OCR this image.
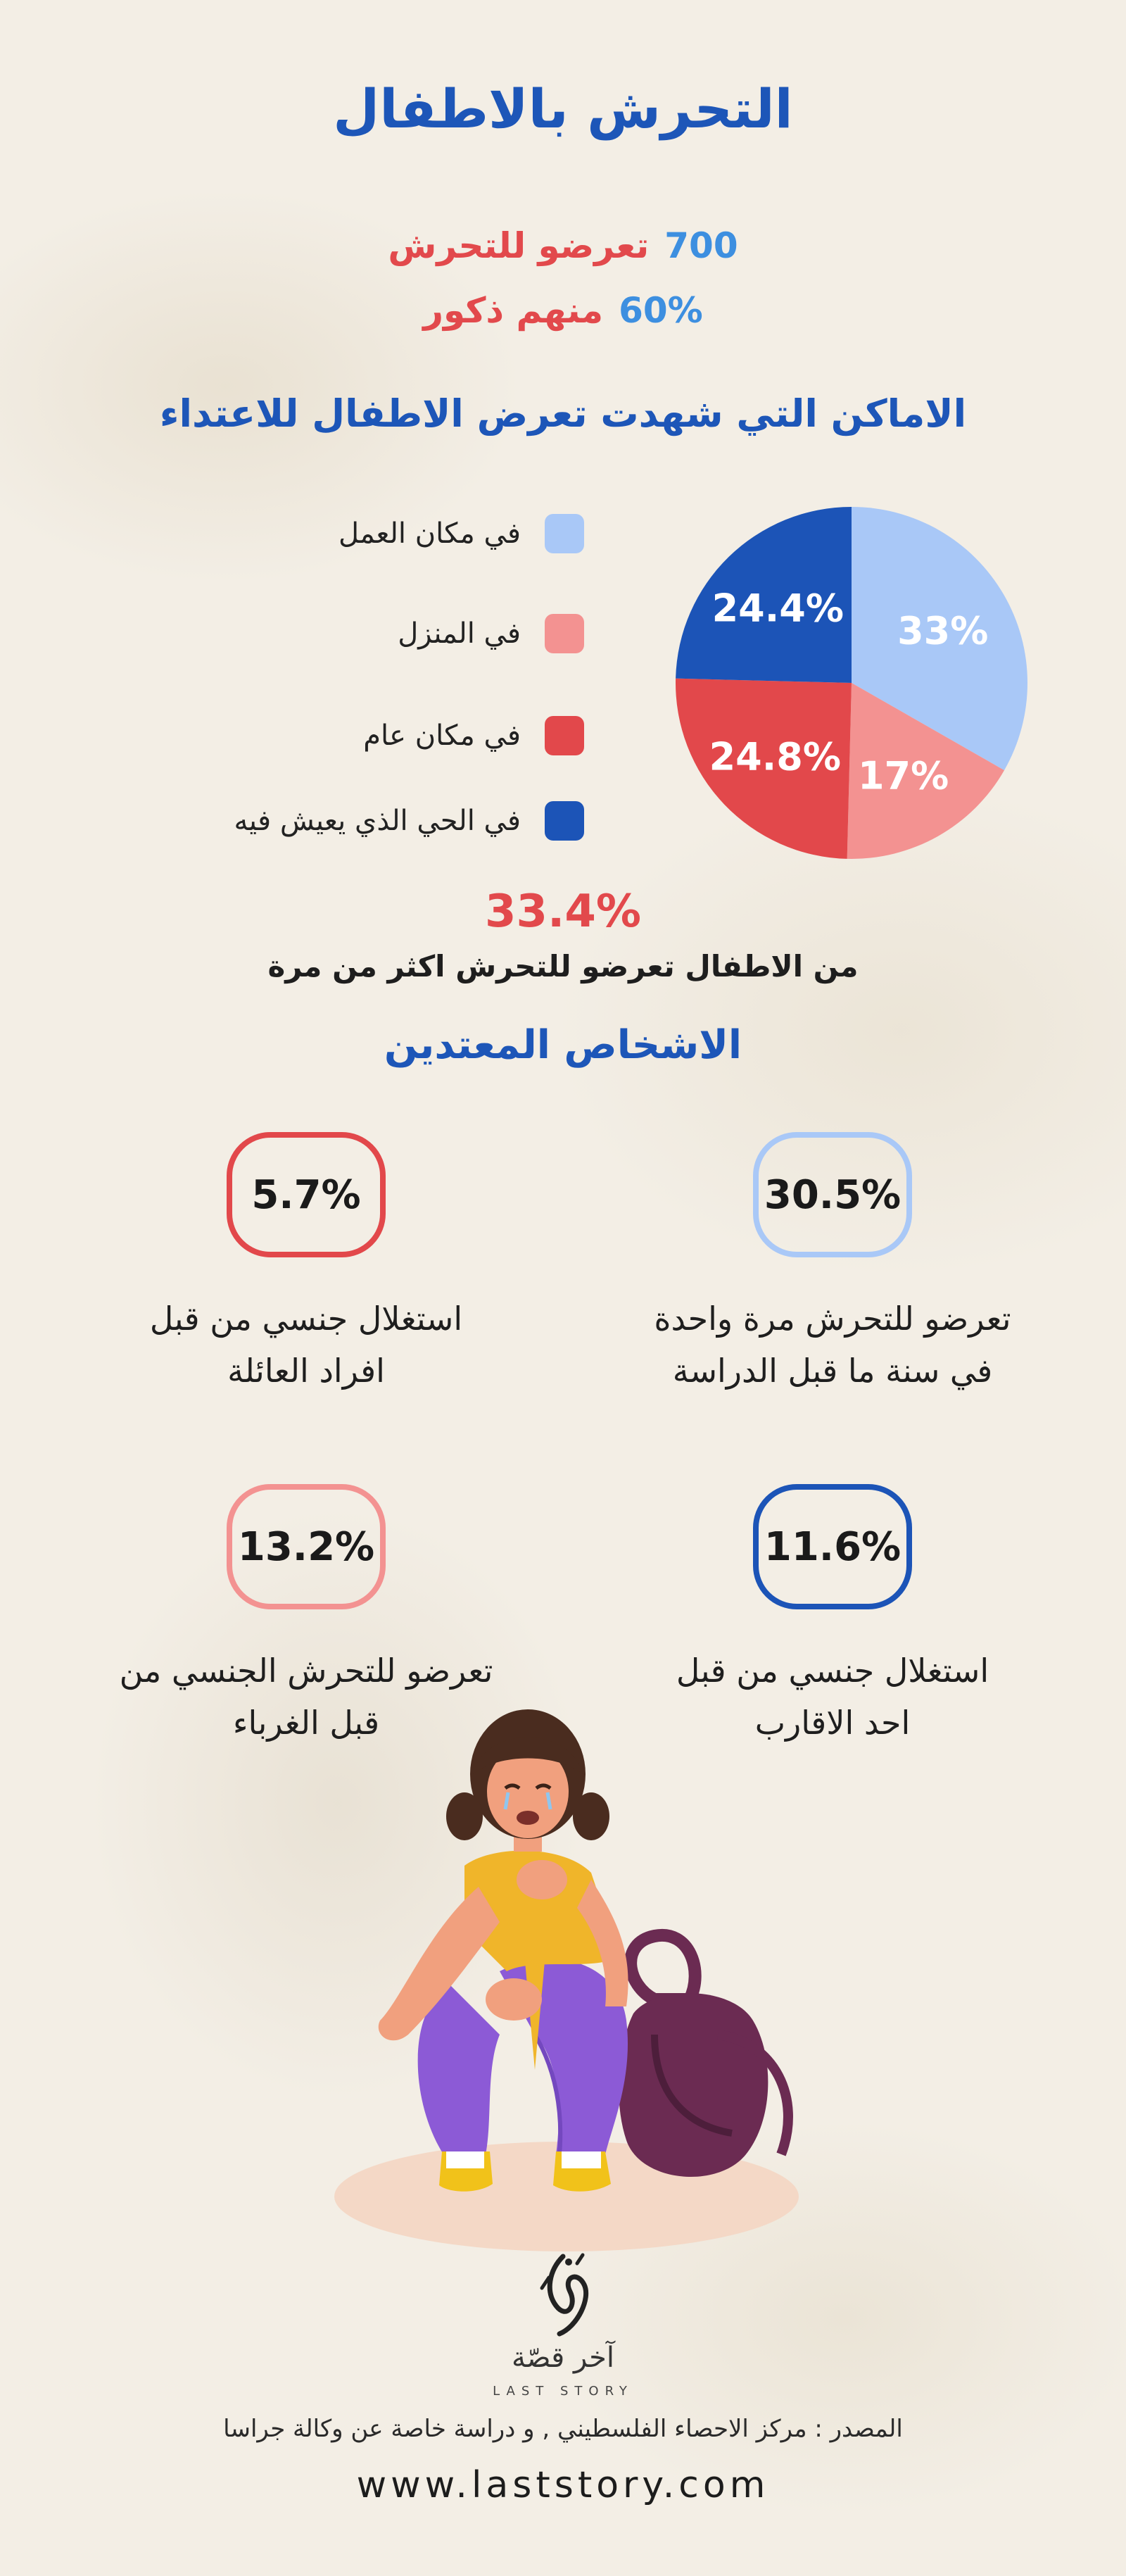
التحرش بالاطفال
700تعرضو للتحرش
60%منهم ذكور
الاماكن التي شهدت تعرض الاطفال للاعتداء
في مكان العمل
في المنزل
في مكان عام
في الحي الذي يعيش فيه
33%
17%
24.8%
24.4%
33.4%
من الاطفال تعرضو للتحرش اكثر من مرة
الاشخاص المعتدين
30.5%
تعرضو للتحرش مرة واحدة
في سنة ما قبل الدراسة
5.7%
استغلال جنسي من قبل
افراد العائلة
11.6%
استغلال جنسي من قبل
احد الاقارب
13.2%
تعرضو للتحرش الجنسي من
قبل الغرباء
آخر قصّة
LAST STORY
المصدر : مركز الاحصاء الفلسطيني , و دراسة خاصة عن وكالة جراسا
www.laststory.com
